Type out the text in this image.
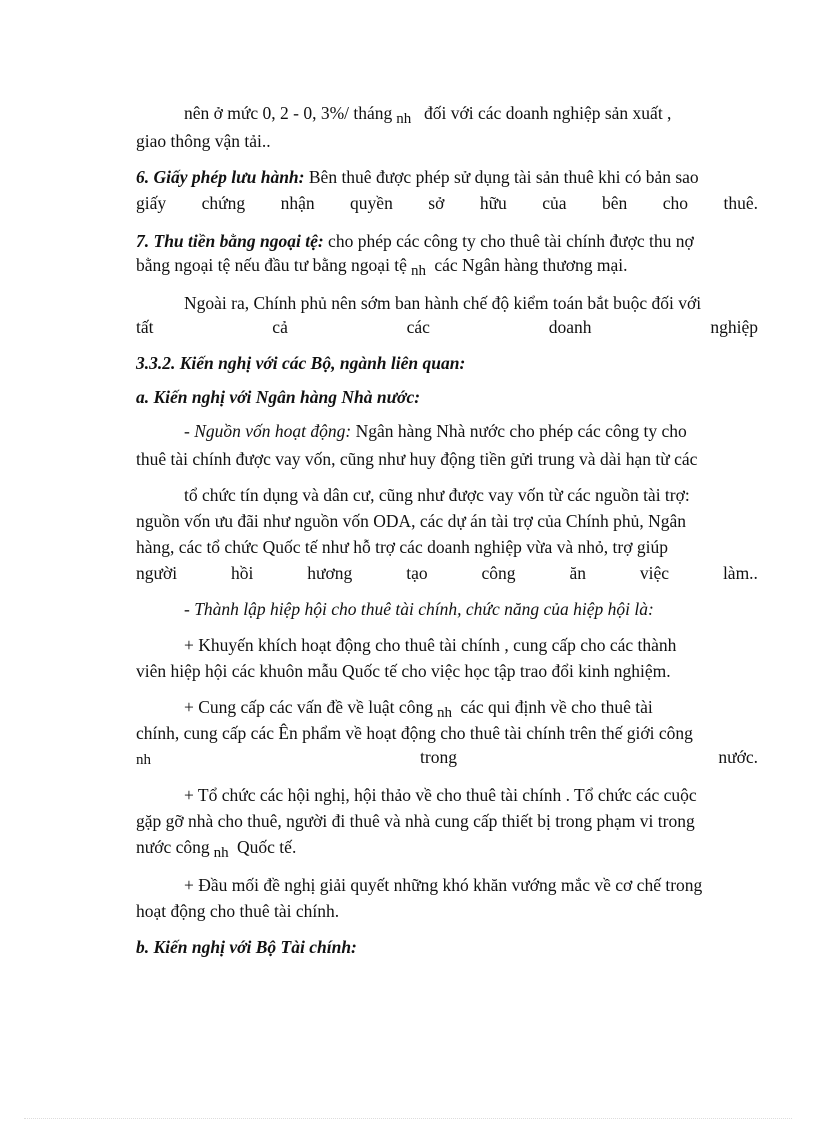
nên ở mức 0, 2 - 0, 3%/ tháng nh đối với các doanh nghiệp sản xuất ,
giao thông vận tải..
6. Giấy phép lưu hành: Bên thuê được phép sử dụng tài sản thuê khi có bản sao
giấy chứng nhận quyền sở hữu của bên cho thuê.
7. Thu tiền bằng ngoại tệ: cho phép các công ty cho thuê tài chính được thu nợ
bằng ngoại tệ nếu đầu tư bằng ngoại tệ nh các Ngân hàng thương mại.
Ngoài ra, Chính phủ nên sớm ban hành chế độ kiểm toán bắt buộc đối với
tất	cả	các	doanh	nghiệp
3.3.2. Kiến nghị với các Bộ, ngành liên quan:
a. Kiến nghị với Ngân hàng Nhà nước:
- Nguồn vốn hoạt động: Ngân hàng Nhà nước cho phép các công ty cho
thuê tài chính được vay vốn, cũng như huy động tiền gửi trung và dài hạn từ các
tổ chức tín dụng và dân cư, cũng như được vay vốn từ các nguồn tài trợ:
nguồn vốn ưu đãi như nguồn vốn ODA, các dự án tài trợ của Chính phủ, Ngân
hàng, các tổ chức Quốc tế như hỗ trợ các doanh nghiệp vừa và nhỏ, trợ giúp
người	hồi	hương	tạo	công	ăn	việc	làm..
- Thành lập hiệp hội cho thuê tài chính, chức năng của hiệp hội là:
+ Khuyến khích hoạt động cho thuê tài chính , cung cấp cho các thành
viên hiệp hội các khuôn mẫu Quốc tế cho việc học tập trao đổi kinh nghiệm.
+ Cung cấp các vấn đề về luật công nh các qui định về cho thuê tài
chính, cung cấp các Ên phẩm về hoạt động cho thuê tài chính trên thế giới công
nh	trong	nước.
+ Tổ chức các hội nghị, hội thảo về cho thuê tài chính . Tổ chức các cuộc
gặp gỡ nhà cho thuê, người đi thuê và nhà cung cấp thiết bị trong phạm vi trong
nước công nh Quốc tế.
+ Đầu mối đề nghị giải quyết những khó khăn vướng mắc về cơ chế trong
hoạt động cho thuê tài chính.
b. Kiến nghị với Bộ Tài chính:
